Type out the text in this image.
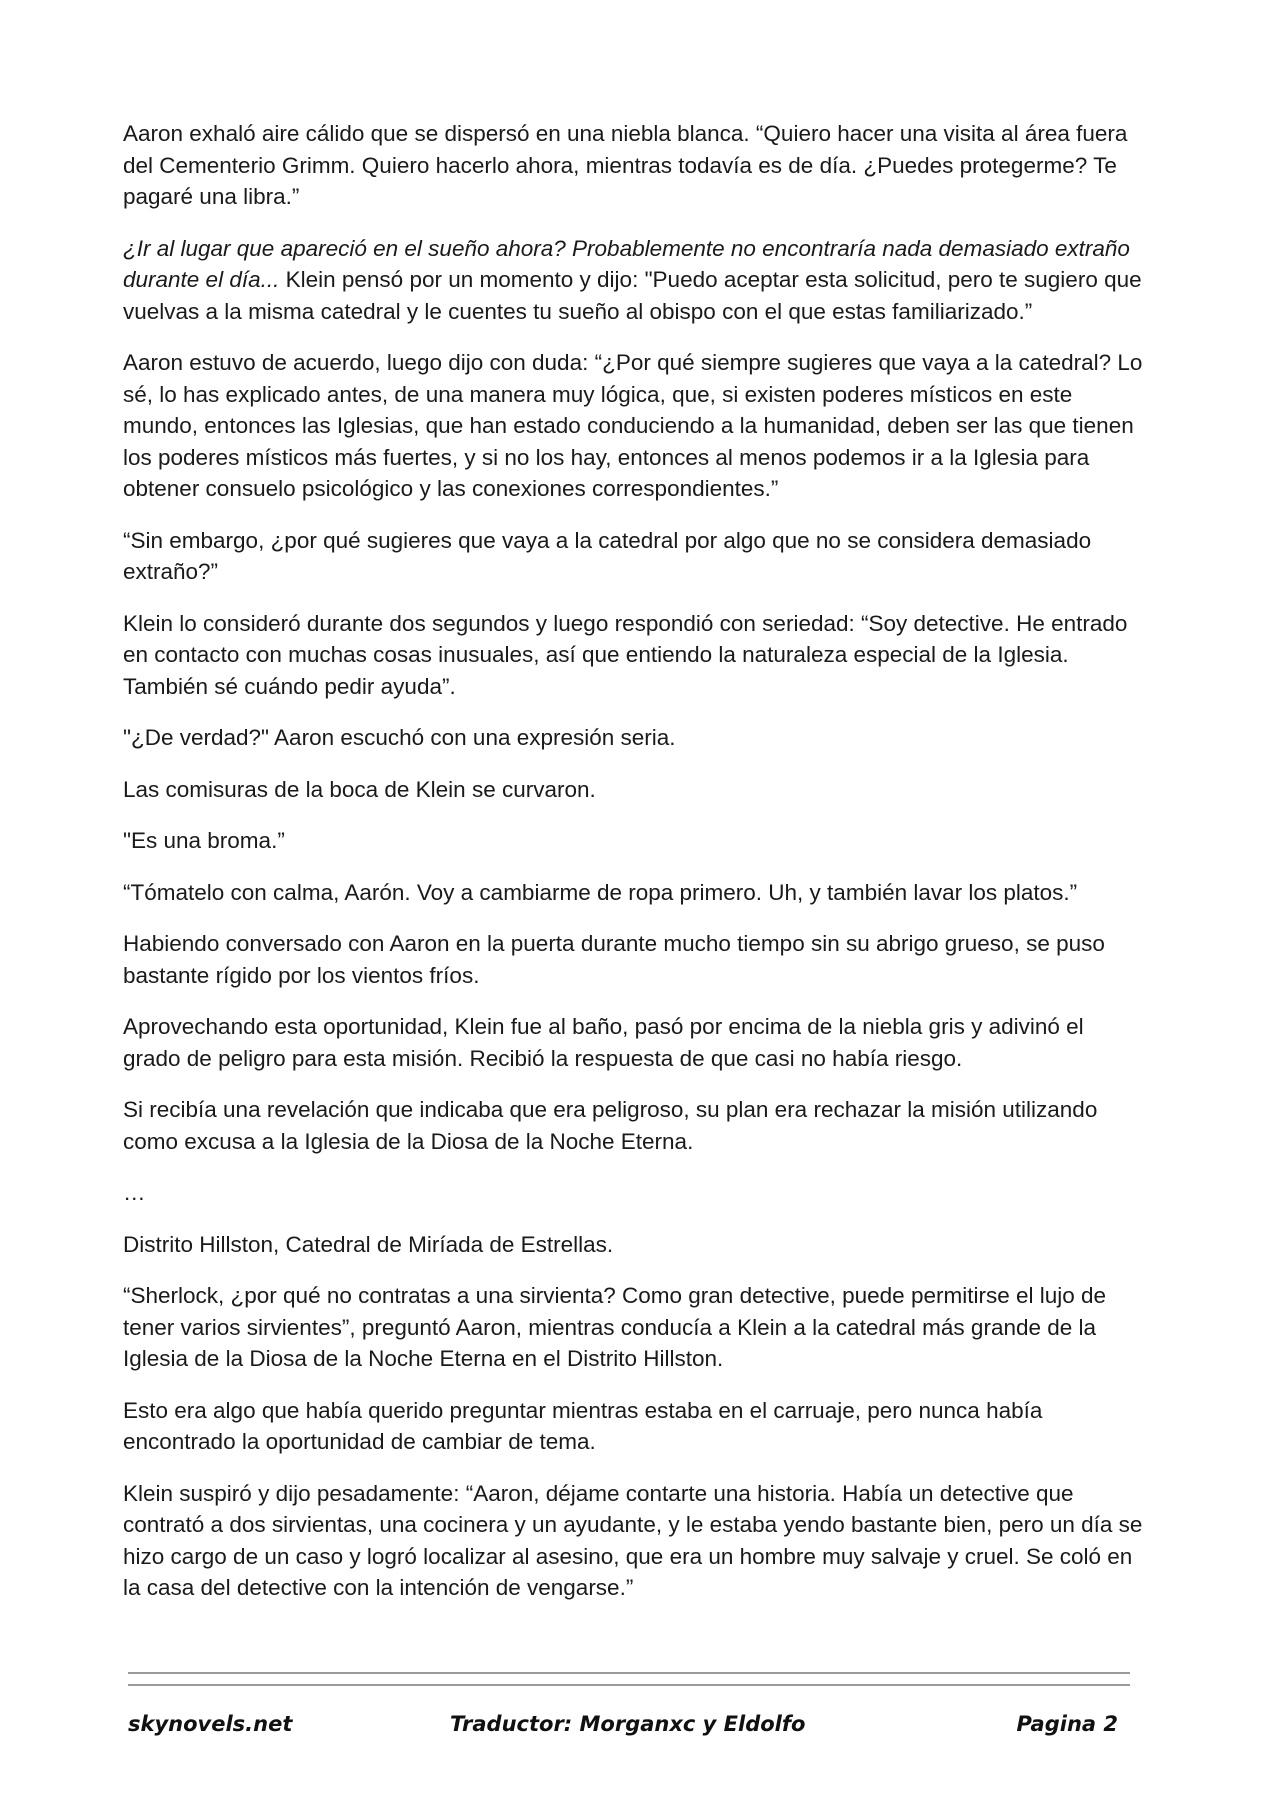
Aaron exhaló aire cálido que se dispersó en una niebla blanca. “Quiero hacer una visita al área fuera del Cementerio Grimm. Quiero hacerlo ahora, mientras todavía es de día. ¿Puedes protegerme? Te pagaré una libra.”

¿Ir al lugar que apareció en el sueño ahora? Probablemente no encontraría nada demasiado extraño durante el día... Klein pensó por un momento y dijo: "Puedo aceptar esta solicitud, pero te sugiero que vuelvas a la misma catedral y le cuentes tu sueño al obispo con el que estas familiarizado.”

Aaron estuvo de acuerdo, luego dijo con duda: “¿Por qué siempre sugieres que vaya a la catedral? Lo sé, lo has explicado antes, de una manera muy lógica, que, si existen poderes místicos en este mundo, entonces las Iglesias, que han estado conduciendo a la humanidad, deben ser las que tienen los poderes místicos más fuertes, y si no los hay, entonces al menos podemos ir a la Iglesia para obtener consuelo psicológico y las conexiones correspondientes.”

“Sin embargo, ¿por qué sugieres que vaya a la catedral por algo que no se considera demasiado extraño?”

Klein lo consideró durante dos segundos y luego respondió con seriedad: “Soy detective. He entrado en contacto con muchas cosas inusuales, así que entiendo la naturaleza especial de la Iglesia. También sé cuándo pedir ayuda”.

"¿De verdad?" Aaron escuchó con una expresión seria.

Las comisuras de la boca de Klein se curvaron.

"Es una broma.”

“Tómatelo con calma, Aarón. Voy a cambiarme de ropa primero. Uh, y también lavar los platos.”

Habiendo conversado con Aaron en la puerta durante mucho tiempo sin su abrigo grueso, se puso bastante rígido por los vientos fríos.

Aprovechando esta oportunidad, Klein fue al baño, pasó por encima de la niebla gris y adivinó el grado de peligro para esta misión. Recibió la respuesta de que casi no había riesgo.

Si recibía una revelación que indicaba que era peligroso, su plan era rechazar la misión utilizando como excusa a la Iglesia de la Diosa de la Noche Eterna.

…

Distrito Hillston, Catedral de Miríada de Estrellas.

“Sherlock, ¿por qué no contratas a una sirvienta? Como gran detective, puede permitirse el lujo de tener varios sirvientes”, preguntó Aaron, mientras conducía a Klein a la catedral más grande de la Iglesia de la Diosa de la Noche Eterna en el Distrito Hillston.

Esto era algo que había querido preguntar mientras estaba en el carruaje, pero nunca había encontrado la oportunidad de cambiar de tema.

Klein suspiró y dijo pesadamente: “Aaron, déjame contarte una historia. Había un detective que contrató a dos sirvientas, una cocinera y un ayudante, y le estaba yendo bastante bien, pero un día se hizo cargo de un caso y logró localizar al asesino, que era un hombre muy salvaje y cruel. Se coló en la casa del detective con la intención de vengarse.”

skynovels.net	Traductor: Morganxc y Eldolfo	Pagina 2
